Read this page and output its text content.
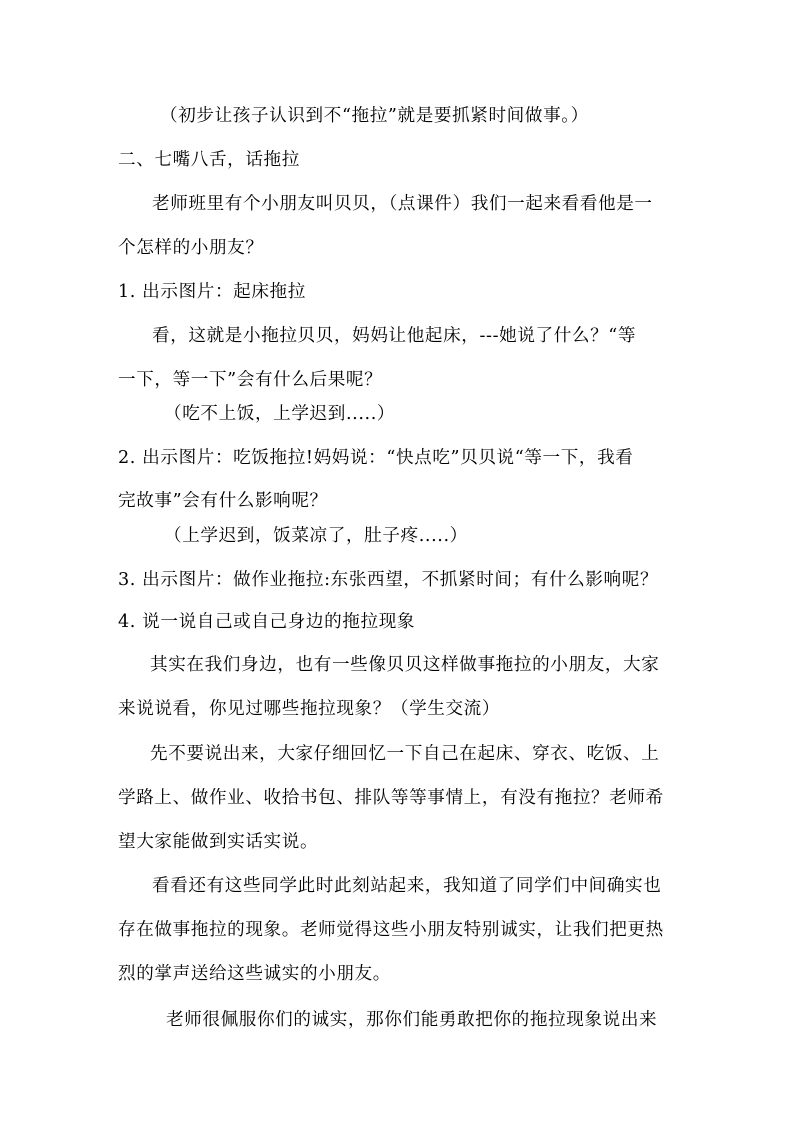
（初步让孩子认识到不“拖拉”就是要抓紧时间做事。）
二、七嘴八舌，话拖拉
老师班里有个小朋友叫贝贝，（点课件）我们一起来看看他是一
个怎样的小朋友？
1. 出示图片：起床拖拉
看，这就是小拖拉贝贝，妈妈让他起床，---她说了什么？“等
一下，等一下”会有什么后果呢？
（吃不上饭，上学迟到.....）
2. 出示图片：吃饭拖拉!妈妈说：“快点吃”贝贝说“等一下，我看
完故事”会有什么影响呢？
（上学迟到，饭菜凉了，肚子疼.....）
3. 出示图片：做作业拖拉:东张西望，不抓紧时间；有什么影响呢？
4. 说一说自己或自己身边的拖拉现象
其实在我们身边，也有一些像贝贝这样做事拖拉的小朋友，大家
来说说看，你见过哪些拖拉现象？（学生交流）
先不要说出来，大家仔细回忆一下自己在起床、穿衣、吃饭、上
学路上、做作业、收拾书包、排队等等事情上，有没有拖拉？老师希
望大家能做到实话实说。
看看还有这些同学此时此刻站起来，我知道了同学们中间确实也
存在做事拖拉的现象。老师觉得这些小朋友特别诚实，让我们把更热
烈的掌声送给这些诚实的小朋友。
老师很佩服你们的诚实，那你们能勇敢把你的拖拉现象说出来
